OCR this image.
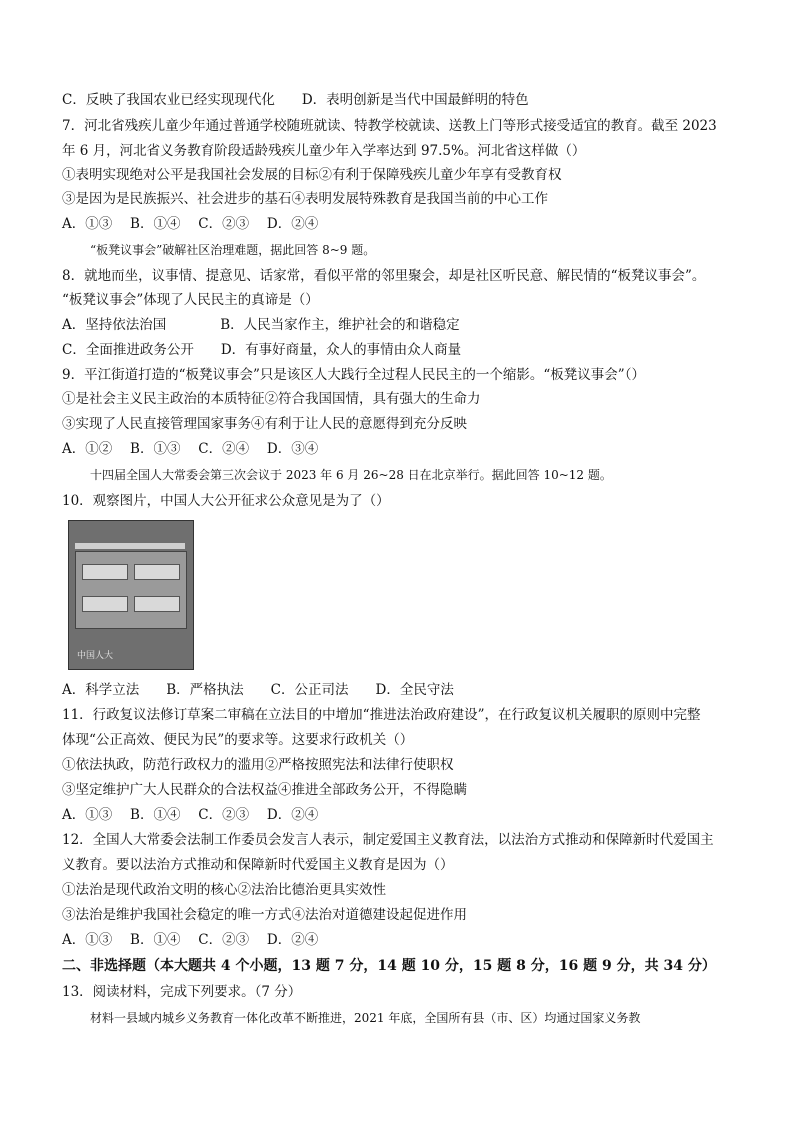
C．反映了我国农业已经实现现代化　　D．表明创新是当代中国最鲜明的特色
7．河北省残疾儿童少年通过普通学校随班就读、特教学校就读、送教上门等形式接受适宜的教育。截至 2023
年 6 月，河北省义务教育阶段适龄残疾儿童少年入学率达到 97.5%。河北省这样做（）
①表明实现绝对公平是我国社会发展的目标②有利于保障残疾儿童少年享有受教育权
③是因为是民族振兴、社会进步的基石④表明发展特殊教育是我国当前的中心工作
A．①③　 B．①④　 C．②③　 D．②④
“板凳议事会”破解社区治理难题，据此回答 8~9 题。
8．就地而坐，议事情、提意见、话家常，看似平常的邻里聚会，却是社区听民意、解民情的“板凳议事会”。
“板凳议事会”体现了人民民主的真谛是（）
A．坚持依法治国　　　　B．人民当家作主，维护社会的和谐稳定
C．全面推进政务公开　　D．有事好商量，众人的事情由众人商量
9．平江街道打造的“板凳议事会”只是该区人大践行全过程人民民主的一个缩影。“板凳议事会”（）
①是社会主义民主政治的本质特征②符合我国国情，具有强大的生命力
③实现了人民直接管理国家事务④有利于让人民的意愿得到充分反映
A．①②　 B．①③　 C．②④　 D．③④
十四届全国人大常委会第三次会议于 2023 年 6 月 26~28 日在北京举行。据此回答 10~12 题。
10．观察图片，中国人大公开征求公众意见是为了（）
中国人大
A．科学立法　　B．严格执法　　C．公正司法　　D．全民守法
11．行政复议法修订草案二审稿在立法目的中增加“推进法治政府建设”，在行政复议机关履职的原则中完整
体现“公正高效、便民为民”的要求等。这要求行政机关（）
①依法执政，防范行政权力的滥用②严格按照宪法和法律行使职权
③坚定维护广大人民群众的合法权益④推进全部政务公开，不得隐瞒
A．①③　 B．①④　 C．②③　 D．②④
12．全国人大常委会法制工作委员会发言人表示，制定爱国主义教育法，以法治方式推动和保障新时代爱国主
义教育。要以法治方式推动和保障新时代爱国主义教育是因为（）
①法治是现代政治文明的核心②法治比德治更具实效性
③法治是维护我国社会稳定的唯一方式④法治对道德建设起促进作用
A．①③　 B．①④　 C．②③　 D．②④
二、非选择题（本大题共 4 个小题，13 题 7 分，14 题 10 分，15 题 8 分，16 题 9 分，共 34 分）
13．阅读材料，完成下列要求。（7 分）
材料一县域内城乡义务教育一体化改革不断推进，2021 年底，全国所有县（市、区）均通过国家义务教
